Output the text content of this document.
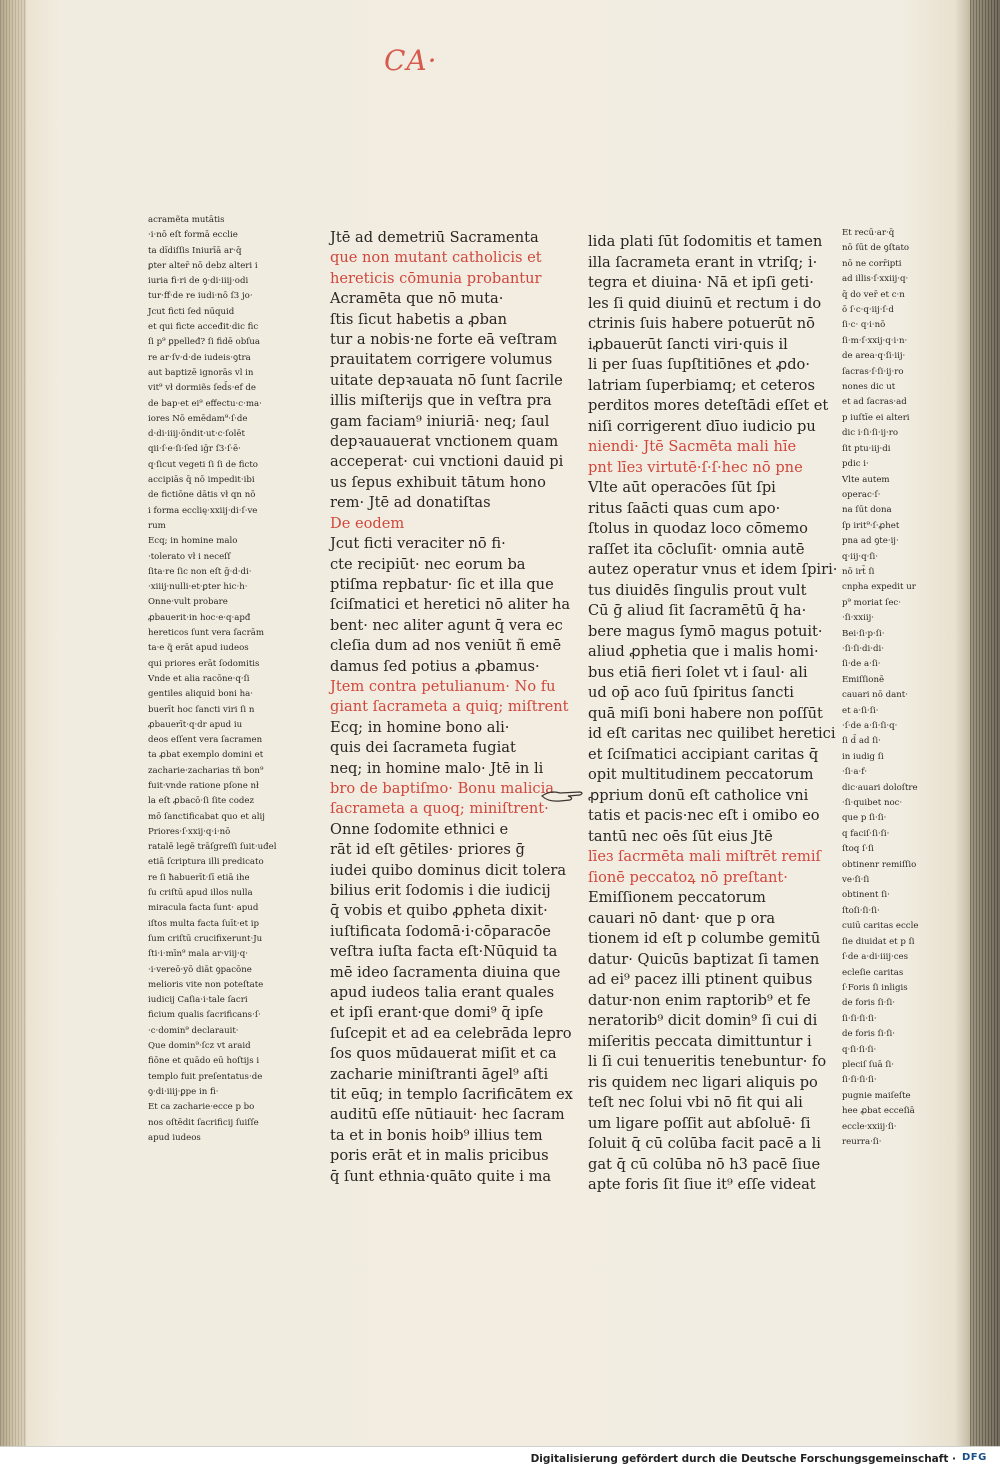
CA·

acramẽta mutātis

·i·nō eſt formā ecclie

ta dı̄diſſis Iniurīā ar·q̄

ꝑter alter̄ nō debz alteri i

iuria fi·ri de ꝯ·di·iiij·odi

tur·ff·de re iudi·nō ſ3 jo·

Jcut ficti ſed nūquid

et qui ficte acceđit·dic fic

ſi p⁹ ꝑpelleđ? ſi fidē obſua

re ar·ſv·d·de iudeis·ꝯtra

aut baptizē ignorās vl in

vit⁹ vł dormiẽs ſed̄s·ef de

de bap·et ei⁹ effectu·c·ma·

iores Nō emēdam⁹·ſ·de

d·di·iiij·ōndit·ut·c·ſolēt

qii·ſ·e·ſi·ſed iḡr ſ3·ſ·ē·

q·ſicut vegeti ſi ſi de ficto

accipiās q̄ nō impedit·ibi

de fictiōne dātis vł qn nō

i forma ecclię·xxiij·di·ſ·ve

rum

Ecq; in homine malo

·tolerato vł i neceſſ

ſita·re ſic non eſt ḡ·d·di·

·xiiij·nulli·et·ꝑter hic·h·

Onne·vult probare

ꝓbauerit·in hoc·e·q·apđ

hereticos ſunt vera ſacrām

ta·e q̃ erāt apud iudeos

qui priores erāt ſodomitis

Vnde et alia racōne·q·ſi

gentiles aliquid boni ha·

buerīt hoc ſancti viri ſi n

ꝓbauerīt·q·dr apud iu

deos eſſent vera ſacramen

ta ꝓbat exemplo domini et

zacharie·zacharias tñ bon⁹

fuit·vnde ratione pſone nł

la eſt ꝓbacō·ſi ſite codez

mō ſanctificabat quo et alij

Priores·ſ·xxij·q·i·nō

ratalē legē trāſgreſſi ſuit·uđel

etiā ſcriptura illi predicato

re ſi ħabuerīt·ſī etiā ihe

ſu criſtū apud illos nulla

miracula facta ſunt· apud

iſtos multa facta ſuīt·et ip

ſum criſtū crucifixerunt·Ju

ſti·i·mīn⁹ mala ar·viij·q·

·i·vereō·yō diāt ꝯpacōne

melioris vite non poteſtate

iudicij Caſia·i·tale ſacri

ficium qualis ſacrificans·ſ·

·c·domin⁹ declarauit·

Que domin⁹·ſcz vt araid

fiōne et quādo eū hoſtijs i

templo fuit preſentatus·de

ꝯ·di·iiij·ꝑpe in fi·

Et ca zacharie·ecce p bo

nos oſtēdit ſacrificij ſuiſſe

apud iudeos

Jtē ad demetriū Sacramenta

que non mutant catholicis et

hereticis cōmunia probantur

Acramēta que nō muta·

ſtis ſicut habetis a ꝓban

tur a nobis·ne forte eā veſtram

prauitatem corrigere volumus

uitate depꝛauata nō ſunt ſacrile

illis miſterijs que in veſtra pra

gam faciam⁹ iniuriā· neq; ſaul

depꝛauauerat vnctionem quam

acceperat· cui vnctioni dauid pi

us ſepus exhibuit tātum hono

rem· Jtē ad donatiſtas

De eodem

Jcut ficti veraciter nō fi·

cte recipiūt· nec eorum ba

ptiſma repbatur· ſic et illa que

ſciſmatici et heretici nō aliter ha

bent· nec aliter agunt q̄ vera ec

cleſia dum ad nos veniūt ñ emē

damus ſed potius a ꝓbamus·

Jtem contra petulianum· No fu

giant ſacrameta a quiq; miſtrent

Ecq; in homine bono ali·

quis dei ſacrameta fugiat

neq; in homine malo· Jtē in li

bro de baptiſmo· Bonu malicia

ſacrameta a quoq; miniſtrent·

Onne ſodomite ethnici e

rāt id eſt gētiles· priores ḡ

iudei quibo dominus dicit tolera

bilius erit ſodomis i die iudicij

q̄ vobis et quibo ꝓpheta dixit·

iuſtificata ſodomā·i·cōparacōe

veſtra iuſta facta eſt·Nūquid ta

mē ideo ſacramenta diuina que

apud iudeos talia erant quales

et ipſi erant·que domi⁹ q̄ ipſe

ſuſcepit et ad ea celebrāda lepro

ſos quos mūdauerat miſit et ca

zacharie miniſtranti āgel⁹ aſti

tit eūq; in templo ſacrificātem ex

auditū eſſe nūtiauit· hec ſacram

ta et in bonis hoib⁹ illius tem

poris erāt et in malis pricibus

q̄ ſunt ethnia·quāto quite i ma

lida plati ſūt ſodomitis et tamen

illa ſacrameta erant in vtriſq; i·

tegra et diuina· Nā et ipſi geti·

les ſi quid diuinū et rectum i do

ctrinis ſuis habere potuerūt nō

iꝓbauerūt ſancti viri·quis il

li per ſuas ſupſtitiōnes et ꝓdo·

latriam ſuperbiamq; et ceteros

perditos mores deteſtādi eſſet et

niſi corrigerent dīuo iudicio pu

niendi· Jtē Sacmēta mali hīe

pnt līeɜ virtutē·ſ·ſ·hec nō pne

Vlte aūt operacōes ſūt ſpi

ritus ſaācti quas cum apo·

ſtolus in quodaz loco cōmemo

raſſet ita cōcluſit· omnia autē

autez operatur vnus et idem ſpiri·

tus diuidēs ſingulis prout vult

Cū ḡ aliud ſit ſacramētū q̄ ha·

bere magus ſymō magus potuit·

aliud ꝓphetia que i malis homi·

bus etiā fieri ſolet vt i ſaul· ali

ud op̄ aco ſuū ſpiritus ſancti

quā miſi boni habere non poſſūt

id eſt caritas nec quilibet heretici

et ſciſmatici accipiant caritas q̄

opit multitudinem peccatorum

ꝓprium donū eſt catholice vni

tatis et pacis·nec eſt i omibo eo

tantū nec oēs ſūt eius Jtē

līeɜ ſacrmēta mali miſtrēt remiſ

ſionē peccatoꝝ nō preſtant·

Emiſſionem peccatorum

cauari nō dant· que p ora

tionem id eſt p columbe gemitū

datur· Quicūs baptizat ſi tamen

ad ei⁹ pacez illi ptinent quibus

datur·non enim raptorib⁹ et fe

neratorib⁹ dicit domin⁹ ſi cui di

miſeritis peccata dimittuntur i

li ſi cui tenueritis tenebuntur· fo

ris quidem nec ligari aliquis po

teſt nec ſolui vbi nō fit qui ali

um ligare poſſit aut abſoluē· ſi

ſoluit q̄ cū colūba facit pacē a li

gat q̄ cū colūba nō h3 pacē ſiue

apte foris ſit ſiue it⁹ eſſe videat

Et recū·ar·q̄

nō ſūt de ꝯſtato

nō ne corr̄ipti

ad illis·ſ·xxiij·q·

q̄ do ver̄ et c·n

ō ſ·c·q·iij·ſ·d

ſi·c· q·i·nō

ſi·m·ſ·xxij·q·i·n·

de area·q·ſi·iij·

ſacras·ſ·ſi·ij·ro

nones dic ut

et ad ſacras·ad

p iuſtīe ei alteri

dic i·ſi·ſi·ij·ro

ſit ptu·iij·di

pdic i·

Vlte autem

operac·ſ·

na ſūt dona

ſp irit⁹·ſ·ꝓhet

pna ad ꝯte·ij·

q·iij·q·ſi·

nō irt̄ ſi

cnpha expedit ur

p⁹ moriat ſec·

·ſi·xxiij·

Bei·ſi·p·ſi·

·ſi·ſi·di·di·

ſi·de a·ſi·

Emiſſionē

cauari nō dant·

et a·ſi·ſi·

·ſ·de a·ſi·ſi·q·

ſi d̄ ad ſi·

in iudig ſi

·ſi·a·f·

dic·auari doloſtre

·ſi·quibet noc·

que p ſi·ſi·

q faciſ·ſi·ſi·

ſtoq ſ·ſi

obtinenr remiſſio

ve·ſi·ſi

obtinent ſi·

ſtoſi·ſi·ſi·

cuiū caritas eccle

ſie diuidat et p ſi

ſ·de a·di·iiij·ces

ecleſie caritas

ſ·Foris ſi inligis

de foris ſi·ſi·

ſi·ſi·ſi·ſi·

de foris ſi·ſi·

q·ſi·ſi·ſi·

pleciſ ſuā ſi·

ſi·ſi·ſi·ſi·

pugnie maiſeſte

hee ꝓbat ecceſiā

eccle·xxiij·ſi·

reurra·ſi·

Digitalisierung gefördert durch die Deutsche Forschungsgemeinschaft · DFG
